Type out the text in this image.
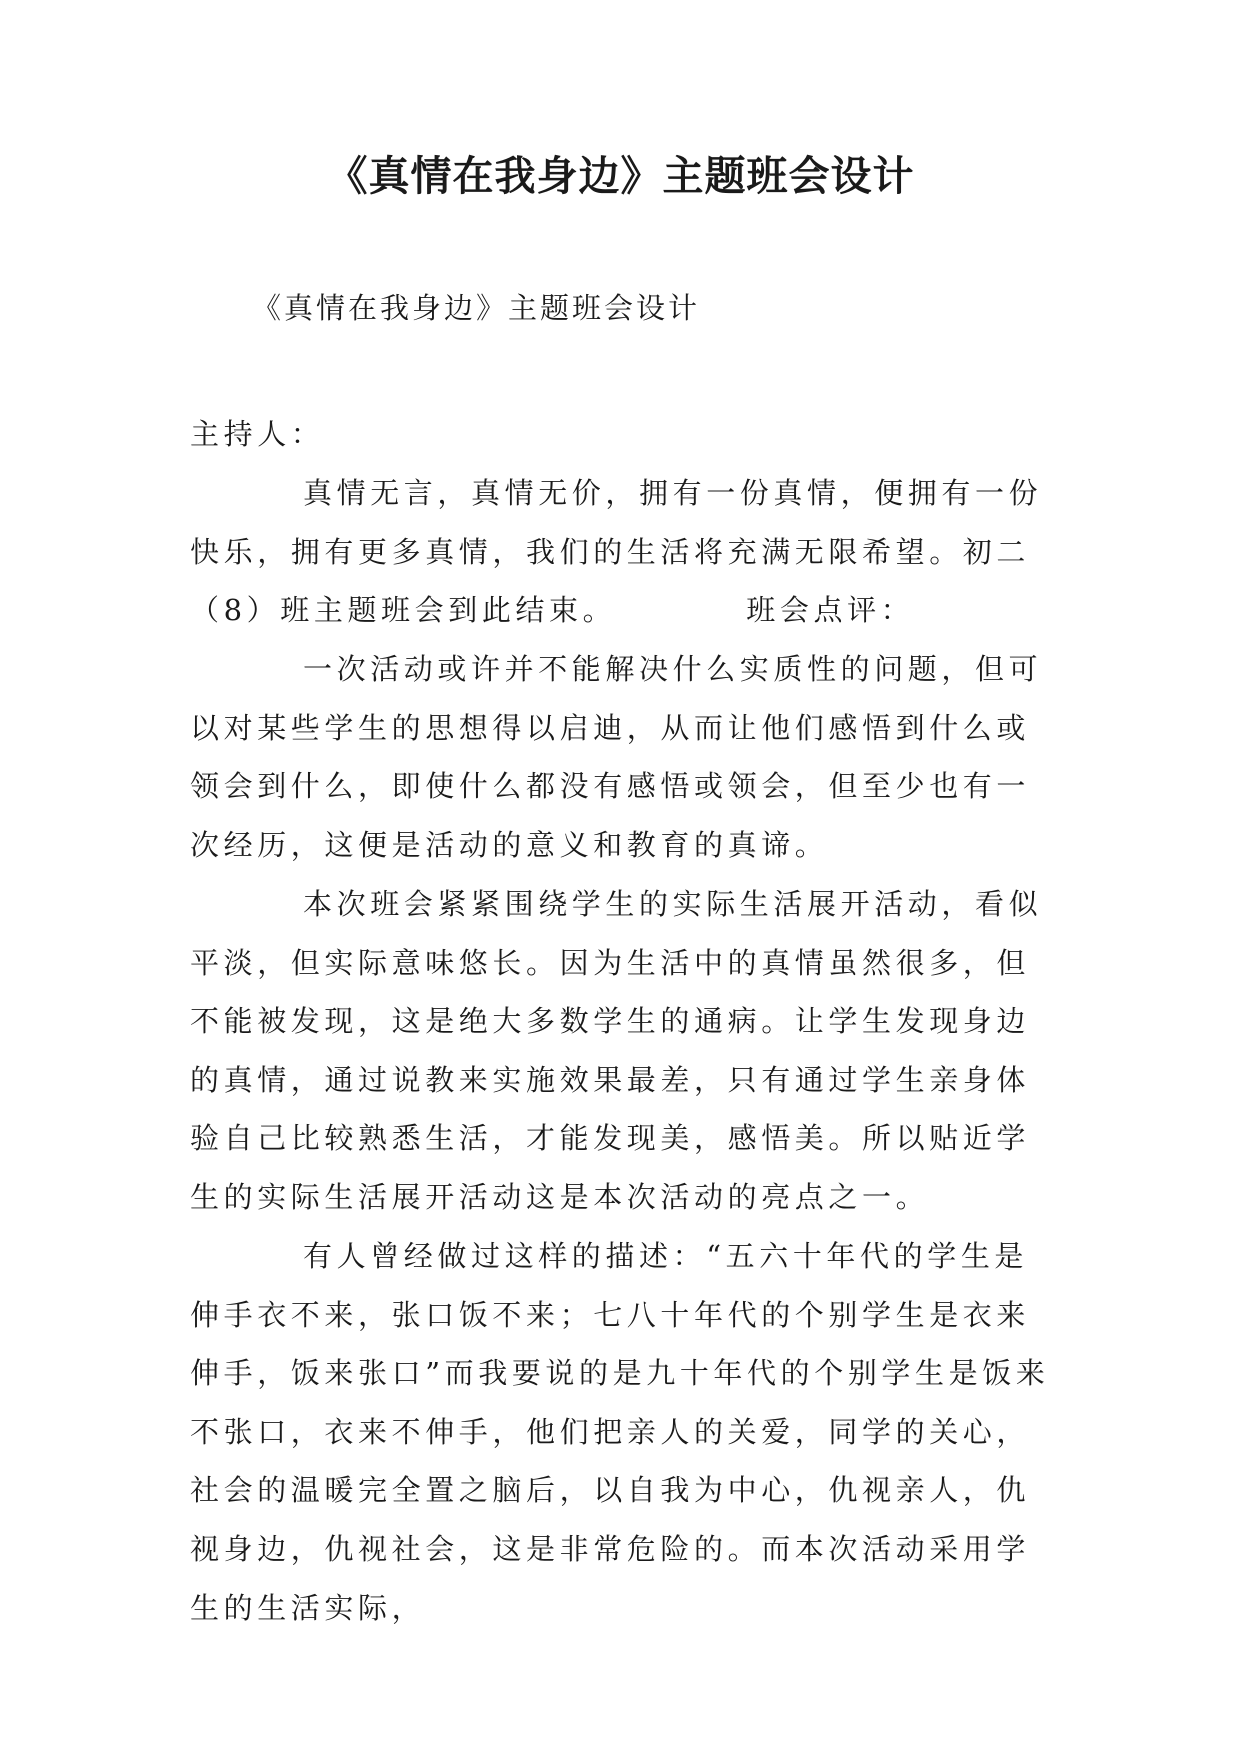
《真情在我身边》主题班会设计

《真情在我身边》主题班会设计

主持人：

真情无言，真情无价，拥有一份真情，便拥有一份快乐，拥有更多真情，我们的生活将充满无限希望。初二（8）班主题班会到此结束。	班会点评：

一次活动或许并不能解决什么实质性的问题，但可以对某些学生的思想得以启迪，从而让他们感悟到什么或领会到什么，即使什么都没有感悟或领会，但至少也有一次经历，这便是活动的意义和教育的真谛。

本次班会紧紧围绕学生的实际生活展开活动，看似平淡，但实际意味悠长。因为生活中的真情虽然很多，但不能被发现，这是绝大多数学生的通病。让学生发现身边的真情，通过说教来实施效果最差，只有通过学生亲身体验自己比较熟悉生活，才能发现美，感悟美。所以贴近学生的实际生活展开活动这是本次活动的亮点之一。

有人曾经做过这样的描述：“五六十年代的学生是伸手衣不来，张口饭不来；七八十年代的个别学生是衣来伸手，饭来张口”而我要说的是九十年代的个别学生是饭来不张口，衣来不伸手，他们把亲人的关爱，同学的关心，社会的温暖完全置之脑后，以自我为中心，仇视亲人，仇视身边，仇视社会，这是非常危险的。而本次活动采用学生的生活实际，
